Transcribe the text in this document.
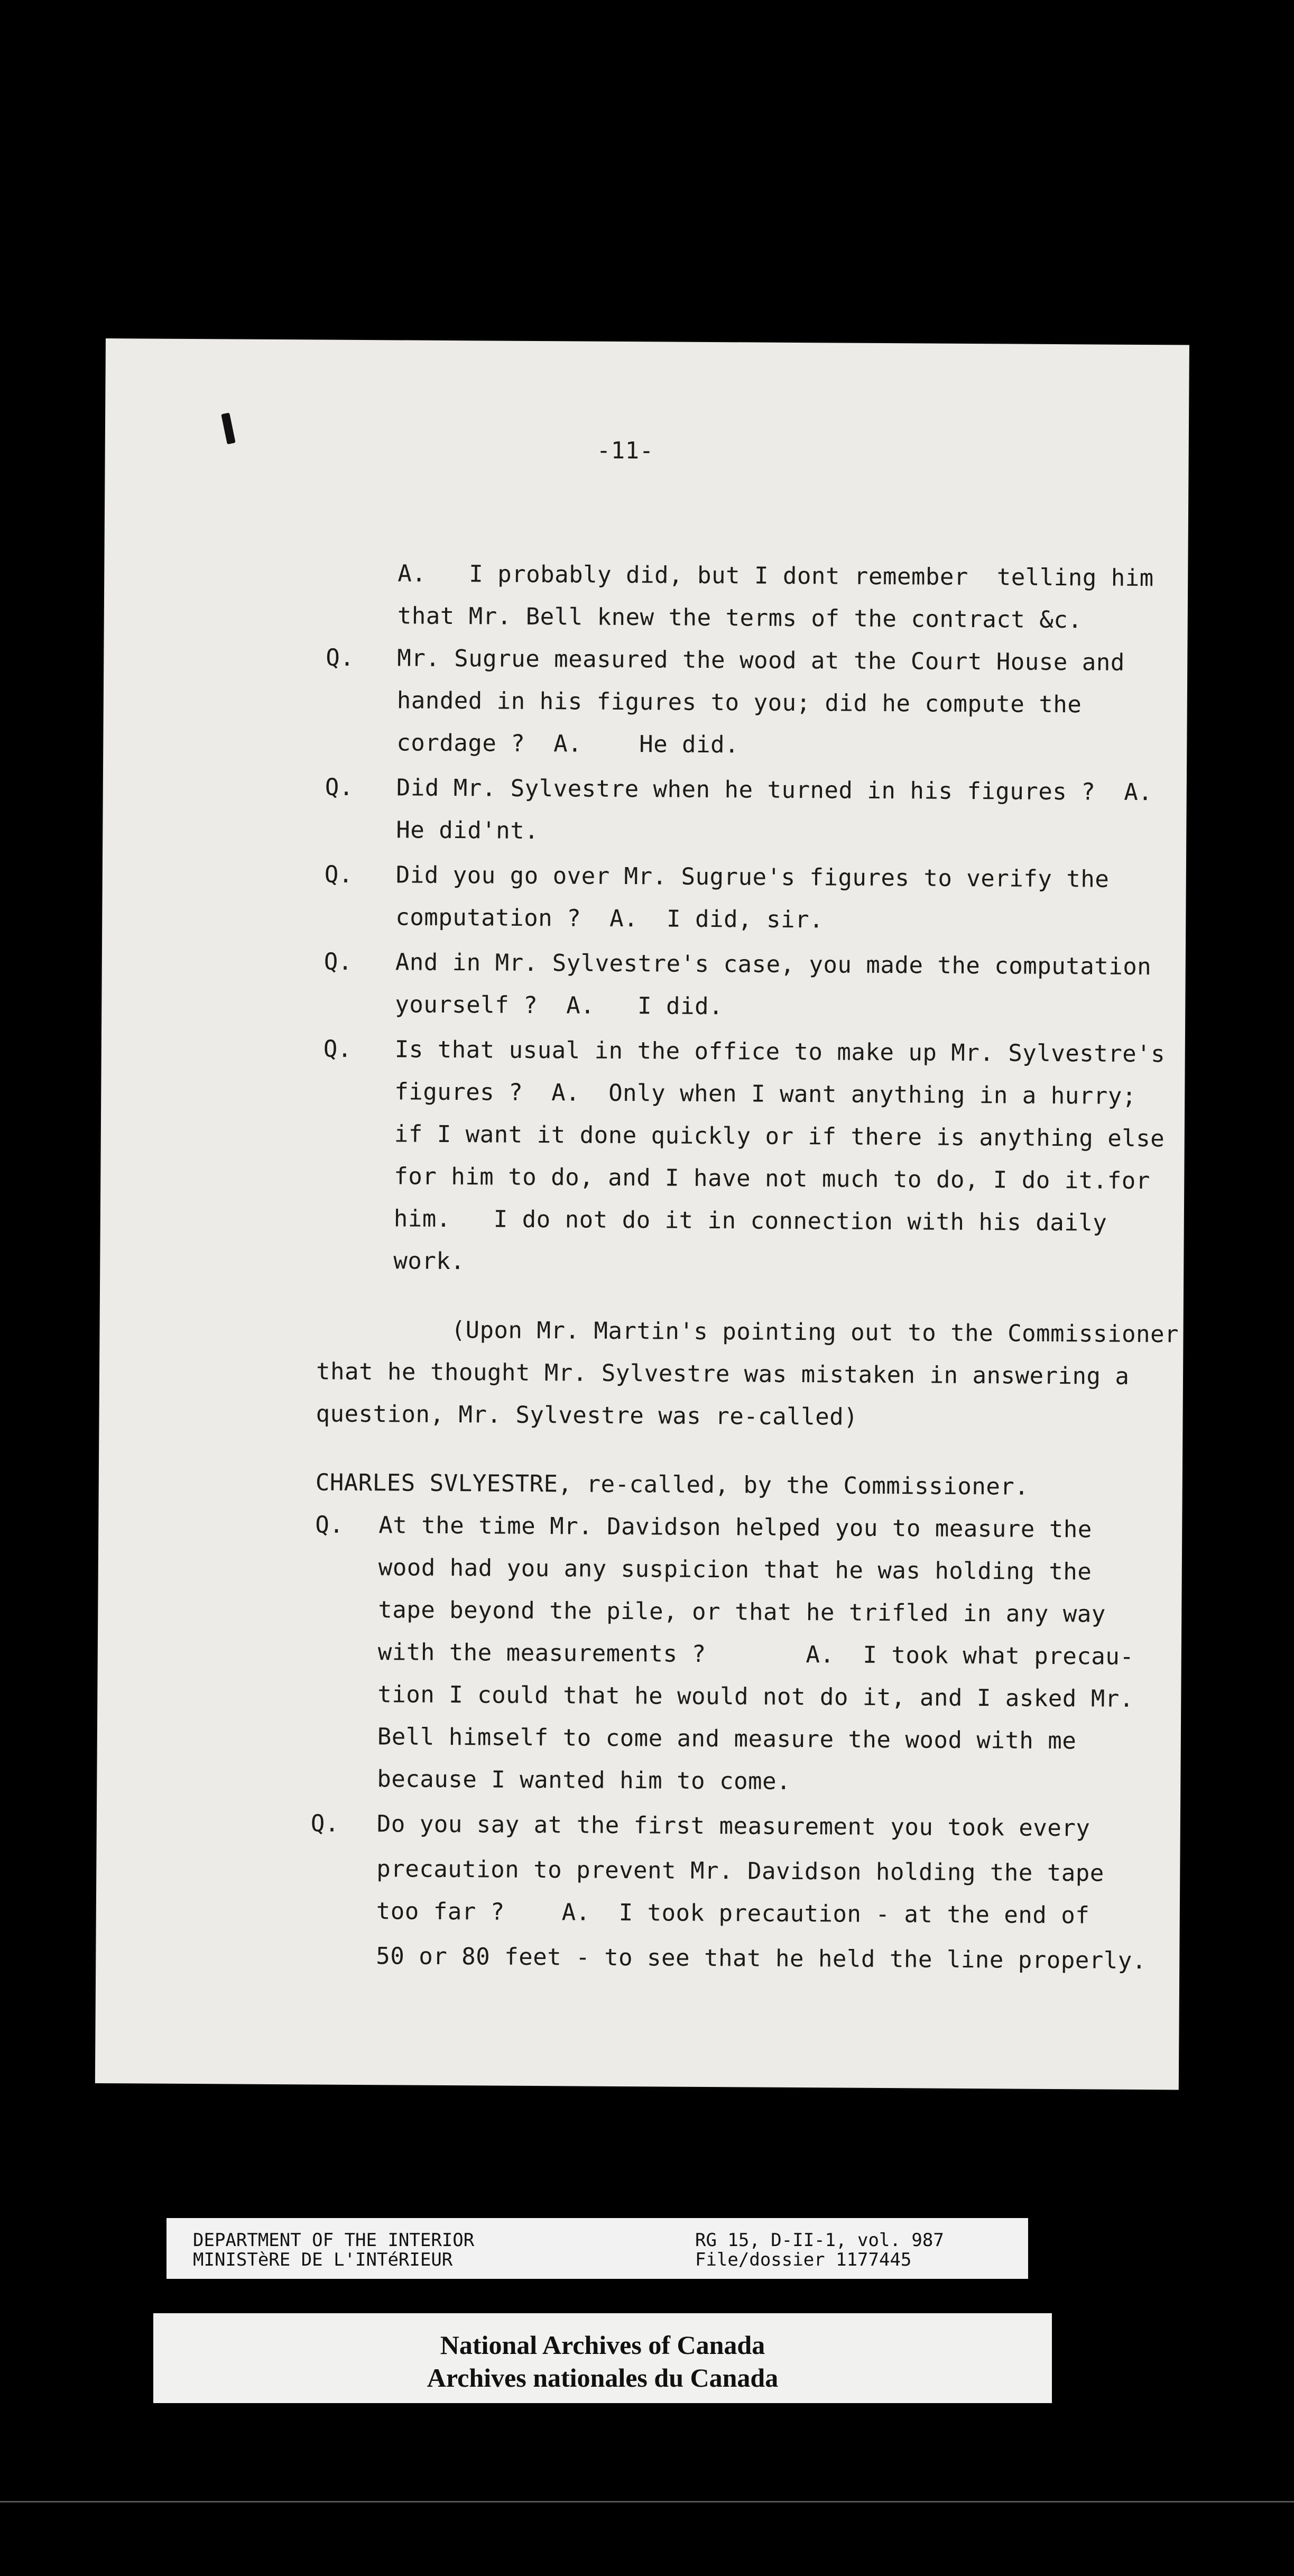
-11-
A.   I probably did, but I dont remember  telling him
that Mr. Bell knew the terms of the contract &c.
Q. Mr. Sugrue measured the wood at the Court House and
handed in his figures to you; did he compute the
cordage ?  A.    He did.
Q. Did Mr. Sylvestre when he turned in his figures ?  A.
He did'nt.
Q. Did you go over Mr. Sugrue's figures to verify the
computation ?  A.  I did, sir.
Q. And in Mr. Sylvestre's case, you made the computation
yourself ?  A.   I did.
Q. Is that usual in the office to make up Mr. Sylvestre's
figures ?  A.  Only when I want anything in a hurry;
if I want it done quickly or if there is anything else
for him to do, and I have not much to do, I do it.for
him.   I do not do it in connection with his daily
work.
(Upon Mr. Martin's pointing out to the Commissioner
that he thought Mr. Sylvestre was mistaken in answering a
question, Mr. Sylvestre was re-called)
CHARLES SVLYESTRE, re-called, by the Commissioner.
Q. At the time Mr. Davidson helped you to measure the
wood had you any suspicion that he was holding the
tape beyond the pile, or that he trifled in any way
with the measurements ?       A.  I took what precau-
tion I could that he would not do it, and I asked Mr.
Bell himself to come and measure the wood with me
because I wanted him to come.
Q. Do you say at the first measurement you took every
precaution to prevent Mr. Davidson holding the tape
too far ?    A.  I took precaution - at the end of
50 or 80 feet - to see that he held the line properly.
DEPARTMENT OF THE INTERIOR
MINISTèRE DE L'INTéRIEUR
RG 15, D-II-1, vol. 987
File/dossier 1177445
National Archives of Canada
Archives nationales du Canada
